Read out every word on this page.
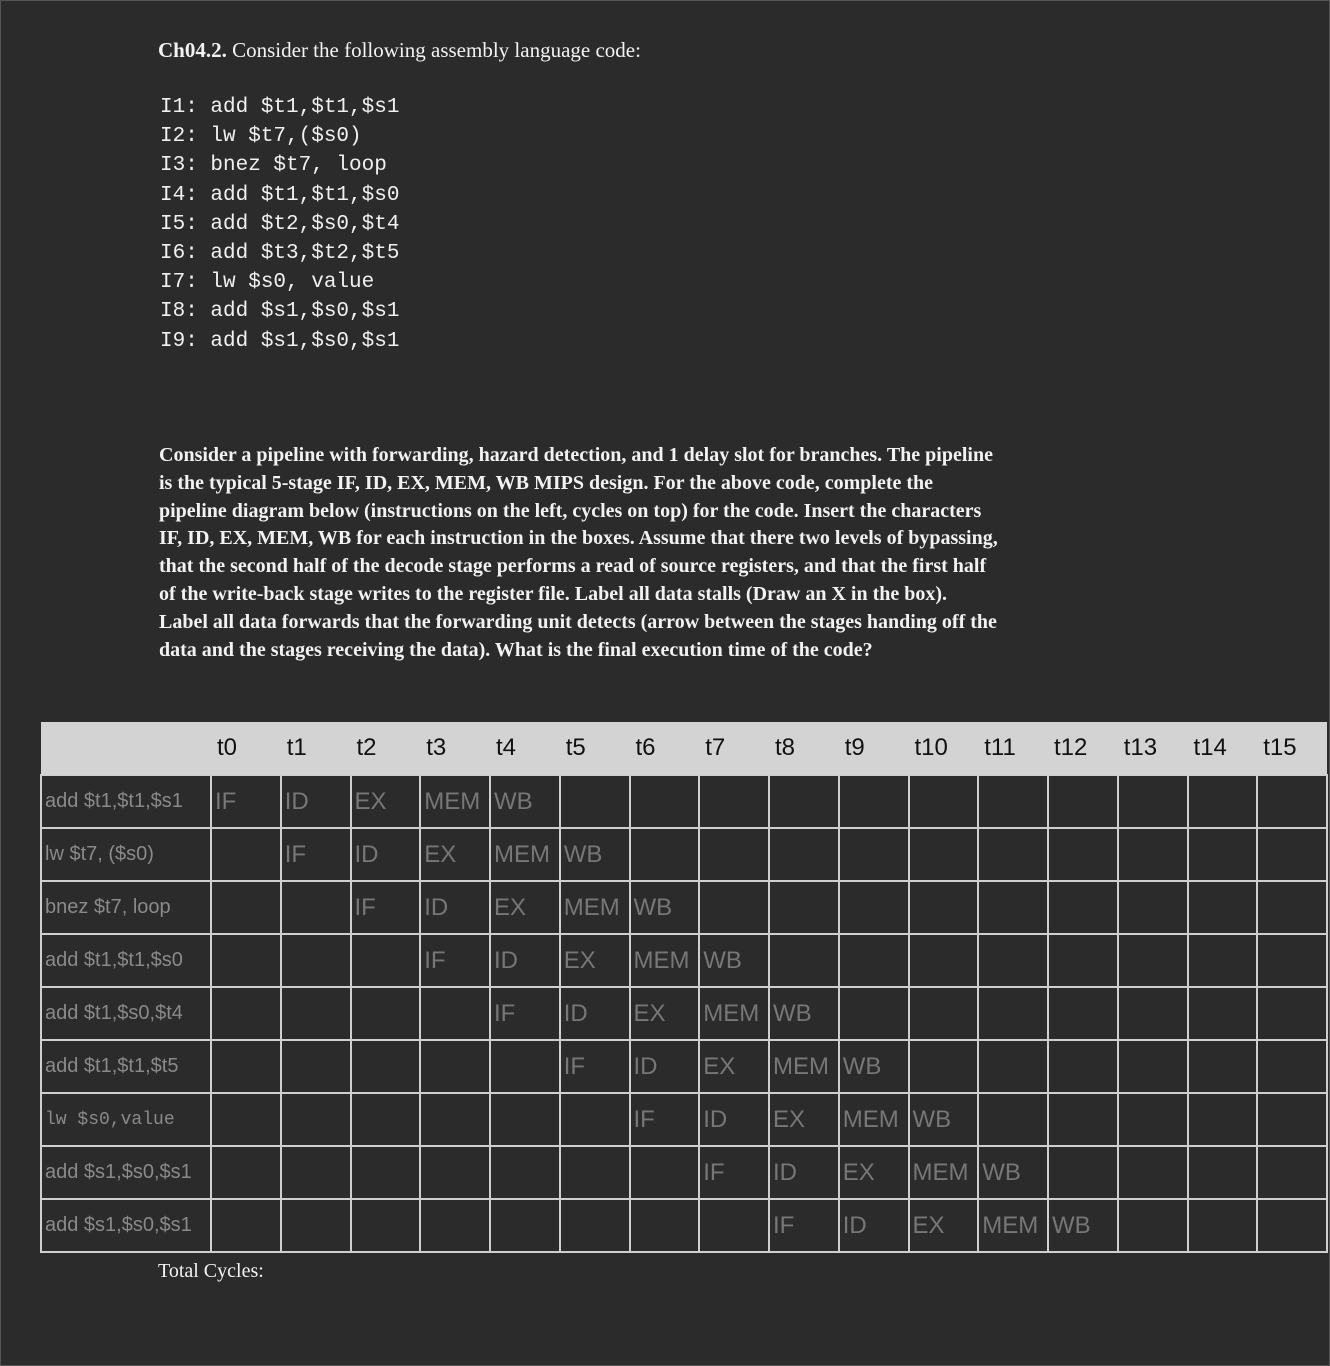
Ch04.2. Consider the following assembly language code:
I1: add $t1,$t1,$s1
I2: lw $t7,($s0)
I3: bnez $t7, loop
I4: add $t1,$t1,$s0
I5: add $t2,$s0,$t4
I6: add $t3,$t2,$t5
I7: lw $s0, value
I8: add $s1,$s0,$s1
I9: add $s1,$s0,$s1
Consider a pipeline with forwarding, hazard detection, and 1 delay slot for branches. The pipeline is the typical 5-stage IF, ID, EX, MEM, WB MIPS design. For the above code, complete the pipeline diagram below (instructions on the left, cycles on top) for the code. Insert the characters IF, ID, EX, MEM, WB for each instruction in the boxes. Assume that there two levels of bypassing, that the second half of the decode stage performs a read of source registers, and that the first half of the write-back stage writes to the register file. Label all data stalls (Draw an X in the box). Label all data forwards that the forwarding unit detects (arrow between the stages handing off the data and the stages receiving the data). What is the final execution time of the code?
	t0	t1	t2	t3	t4	t5	t6	t7	t8	t9	t10	t11	t12	t13	t14	t15
add $t1,$t1,$s1	IF	ID	EX	MEM	WB											
lw $t7, ($s0)		IF	ID	EX	MEM	WB										
bnez $t7, loop			IF	ID	EX	MEM	WB									
add $t1,$t1,$s0				IF	ID	EX	MEM	WB								
add $t1,$s0,$t4					IF	ID	EX	MEM	WB							
add $t1,$t1,$t5						IF	ID	EX	MEM	WB						
lw $s0,value							IF	ID	EX	MEM	WB					
add $s1,$s0,$s1								IF	ID	EX	MEM	WB				
add $s1,$s0,$s1									IF	ID	EX	MEM	WB			
Total Cycles:
